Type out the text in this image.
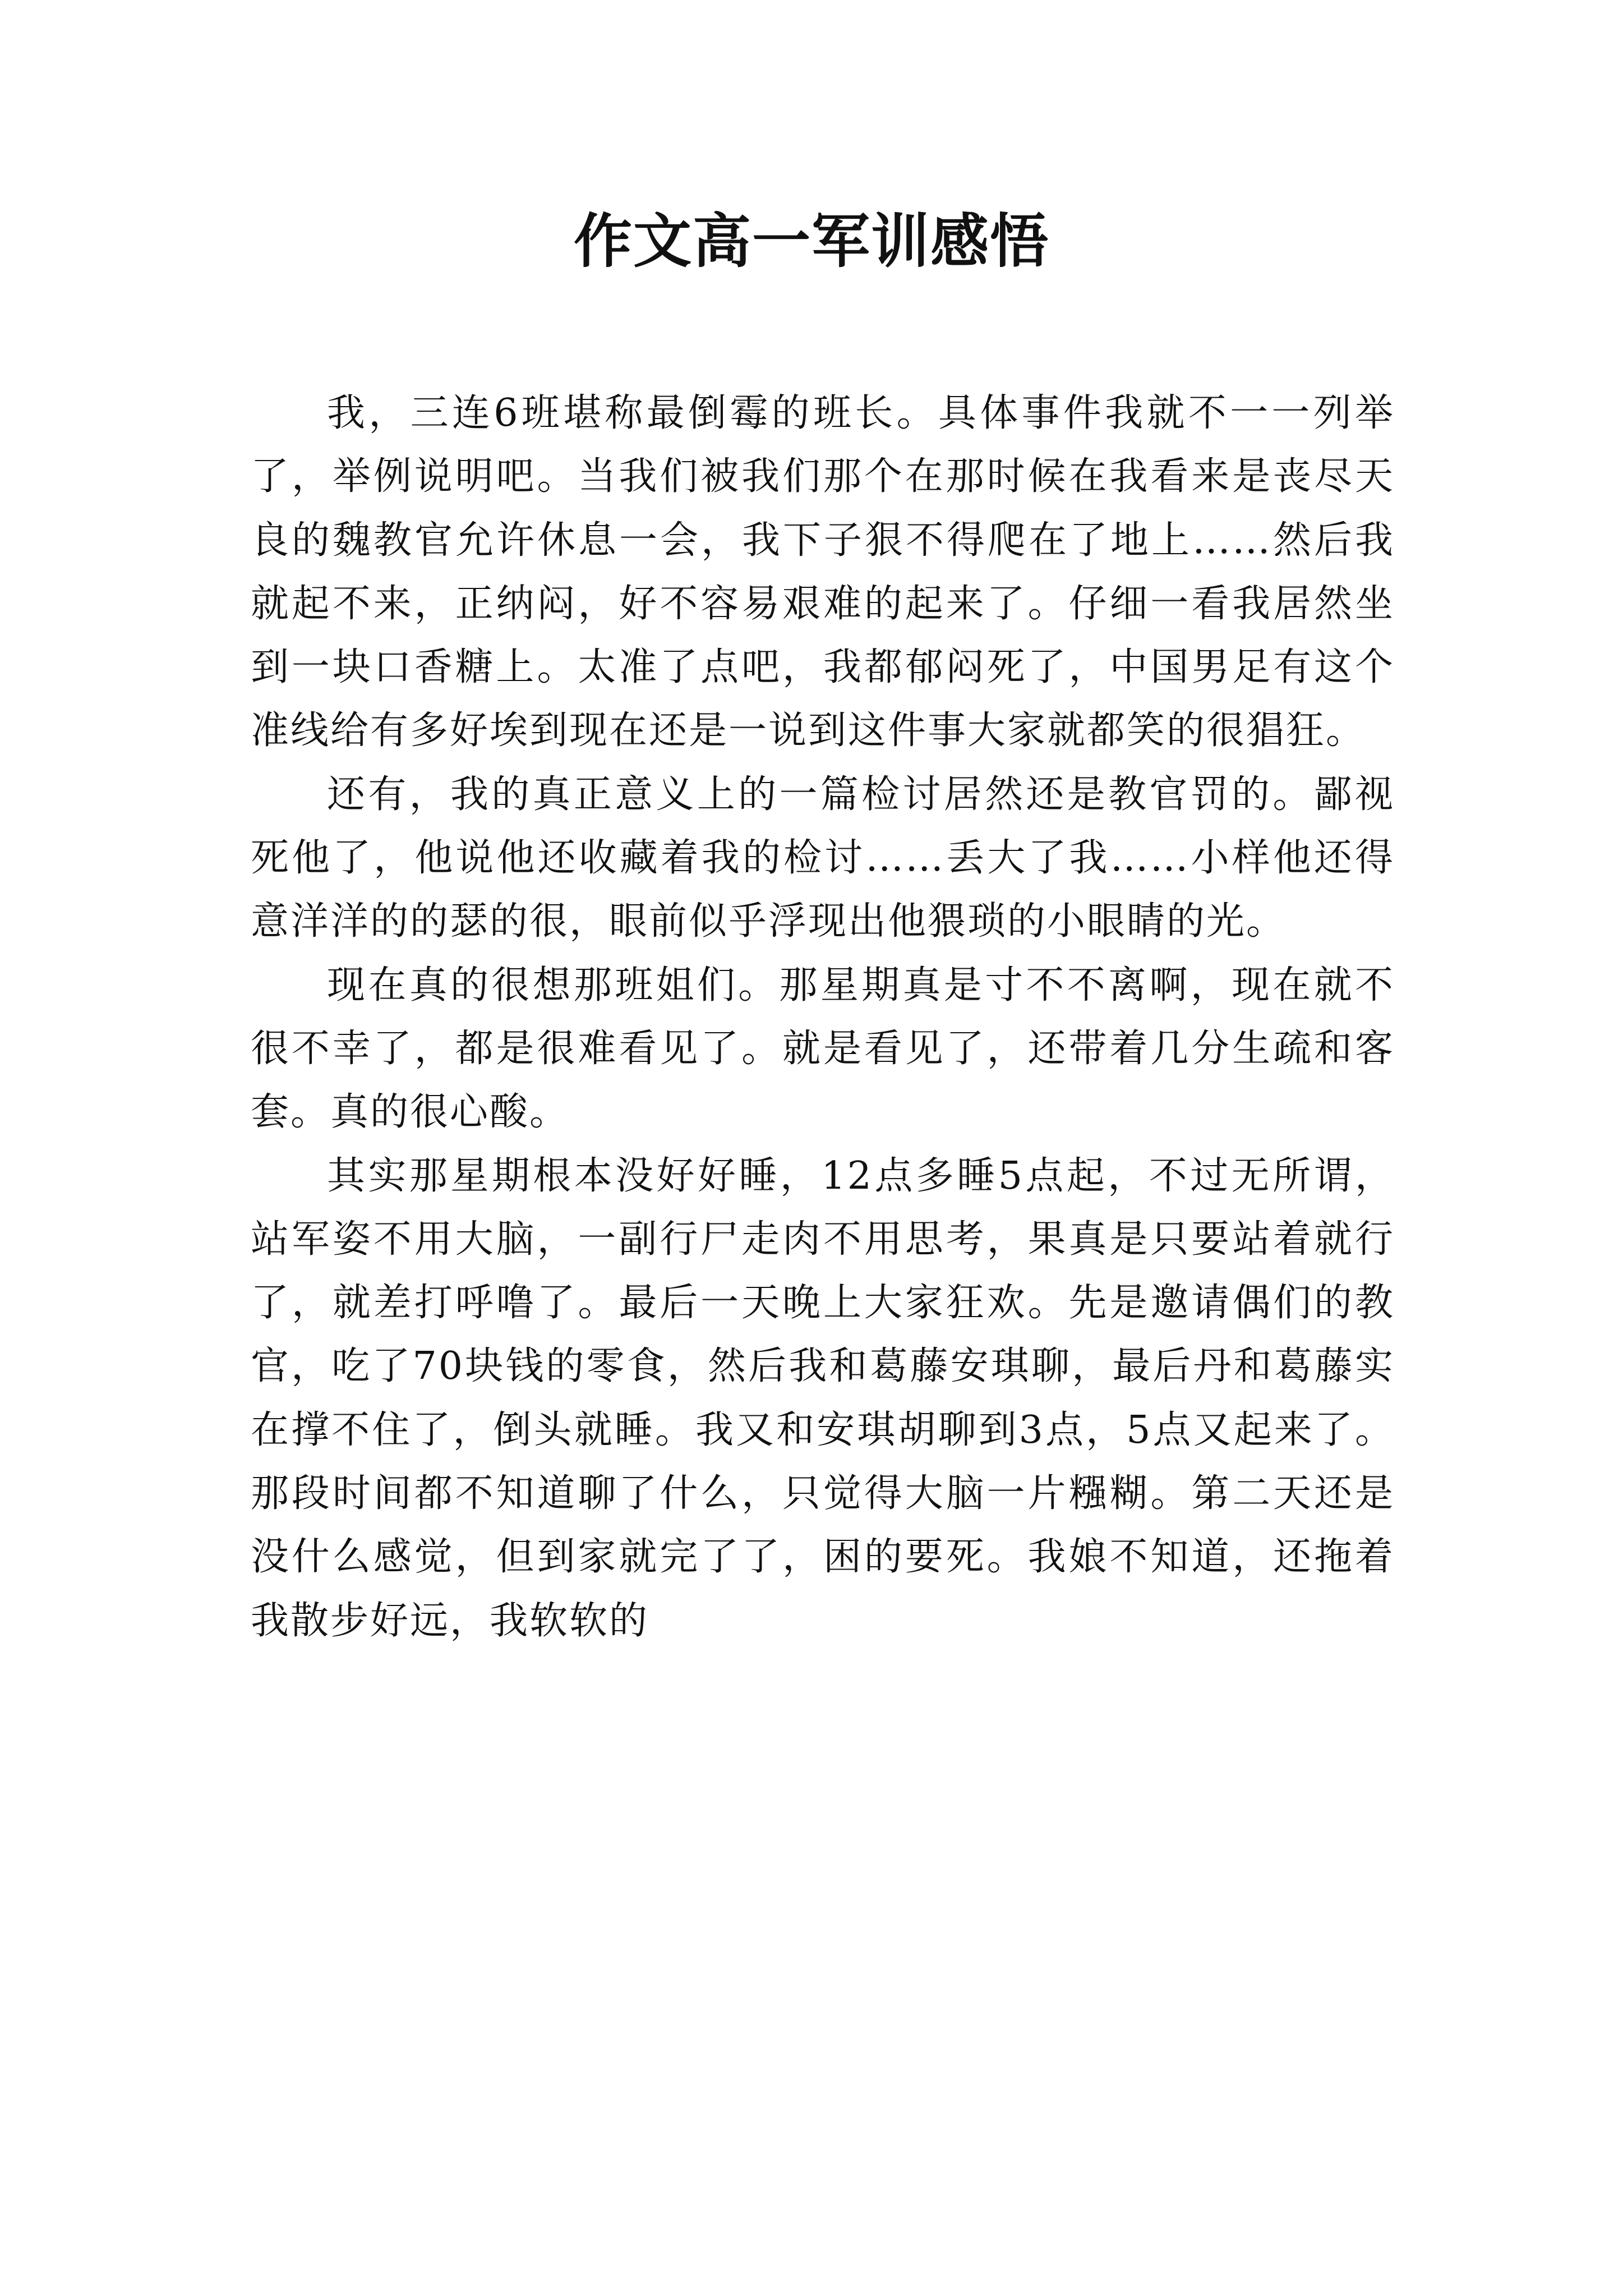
作文高一军训感悟

我，三连6班堪称最倒霉的班长。具体事件我就不一一列举了，举例说明吧。当我们被我们那个在那时候在我看来是丧尽天良的魏教官允许休息一会，我下子狠不得爬在了地上……然后我就起不来，正纳闷，好不容易艰难的起来了。仔细一看我居然坐到一块口香糖上。太准了点吧，我都郁闷死了，中国男足有这个准线给有多好埃到现在还是一说到这件事大家就都笑的很猖狂。

还有，我的真正意义上的一篇检讨居然还是教官罚的。鄙视死他了，他说他还收藏着我的检讨……丢大了我……小样他还得意洋洋的的瑟的很，眼前似乎浮现出他猥琐的小眼睛的光。

现在真的很想那班姐们。那星期真是寸不不离啊，现在就不很不幸了，都是很难看见了。就是看见了，还带着几分生疏和客套。真的很心酸。

其实那星期根本没好好睡，12点多睡5点起，不过无所谓，站军姿不用大脑，一副行尸走肉不用思考，果真是只要站着就行了，就差打呼噜了。最后一天晚上大家狂欢。先是邀请偶们的教官，吃了70块钱的零食，然后我和葛藤安琪聊，最后丹和葛藤实在撑不住了，倒头就睡。我又和安琪胡聊到3点，5点又起来了。那段时间都不知道聊了什么，只觉得大脑一片糨糊。第二天还是没什么感觉，但到家就完了了，困的要死。我娘不知道，还拖着我散步好远，我软软的
